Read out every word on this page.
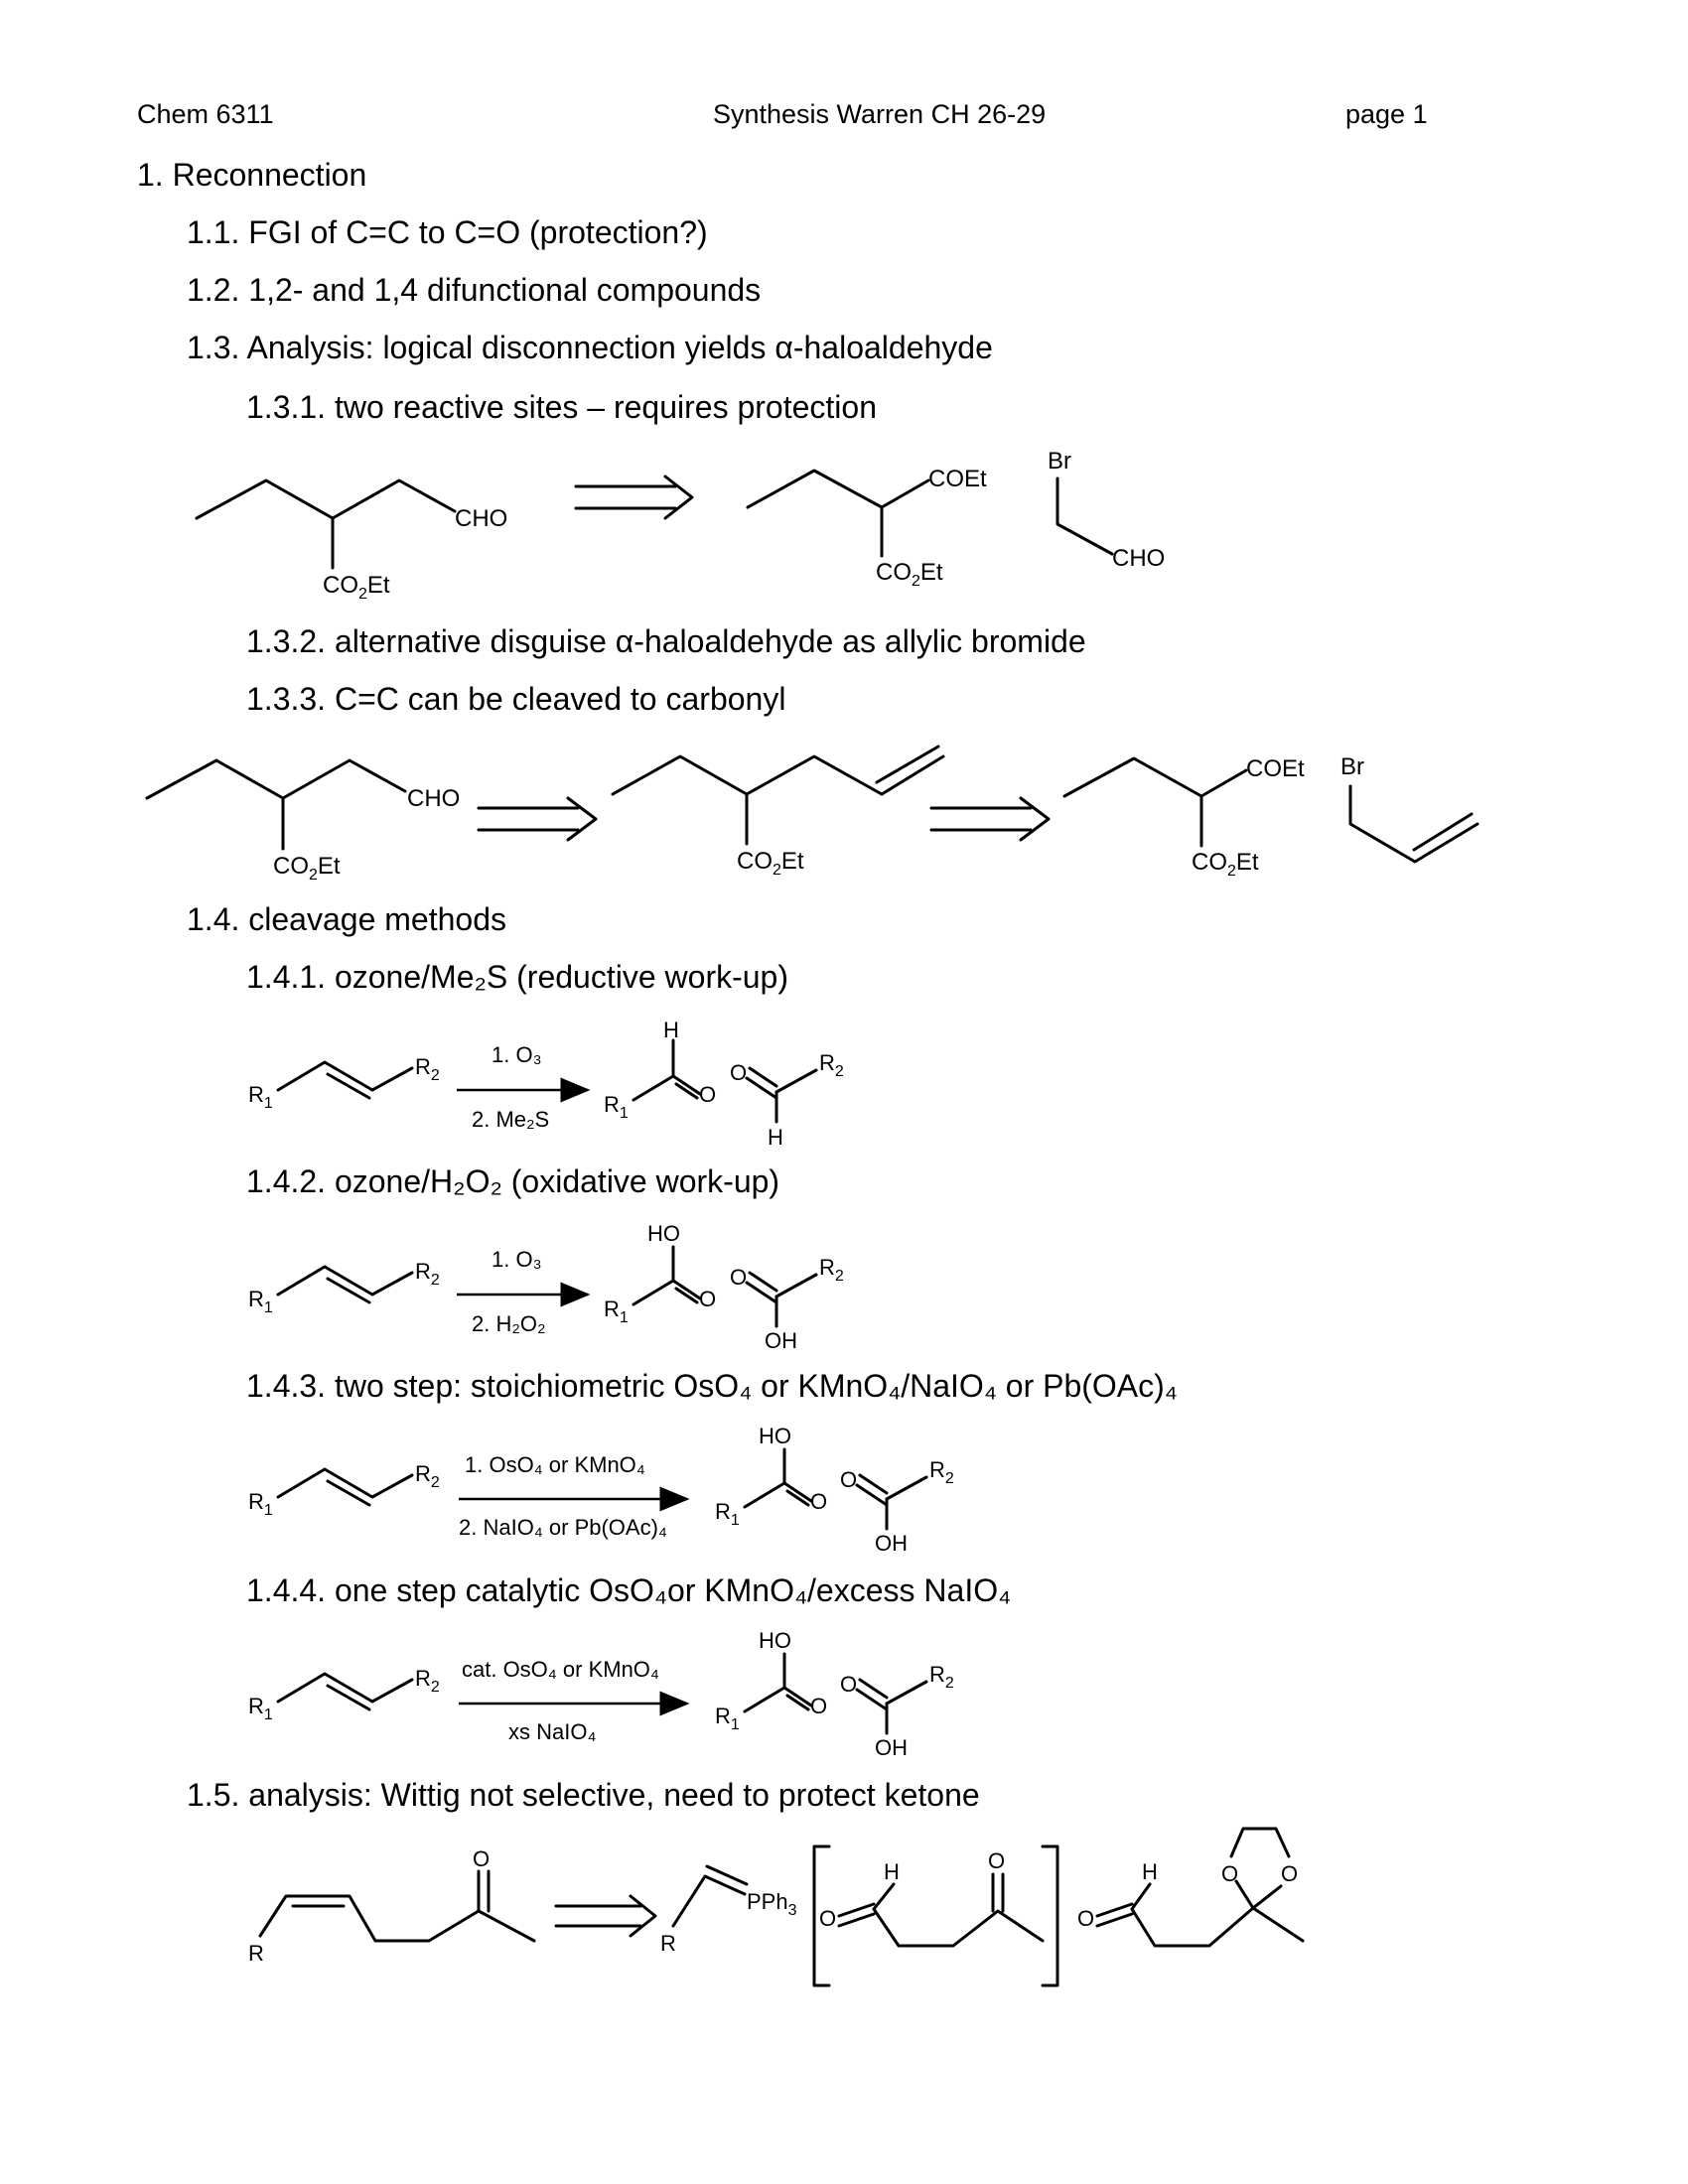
Chem 6311	Synthesis Warren CH 26-29	page 1
1. Reconnection
1.1. FGI of C=C to C=O (protection?)
1.2. 1,2- and 1,4 difunctional compounds
1.3. Analysis: logical disconnection yields α-haloaldehyde
1.3.1. two reactive sites – requires protection
1.3.2. alternative disguise α-haloaldehyde as allylic bromide
1.3.3. C=C can be cleaved to carbonyl
1.4. cleavage methods
1.4.1. ozone/Me₂S (reductive work-up)
1.4.2. ozone/H₂O₂ (oxidative work-up)
1.4.3. two step: stoichiometric OsO₄ or KMnO₄/NaIO₄ or Pb(OAc)₄
1.4.4. one step catalytic OsO₄or KMnO₄/excess NaIO₄
1.5. analysis: Wittig not selective, need to protect ketone
CHO
$CO_2Et$
COEt
$CO_2Et$
Br
CHO
CHO
$CO_2Et$	$CO_2Et$
COEt
$CO_2Et$
Br
$R_1$
$R_2$
1. O₃
2. Me₂S
$R_1$
H
O
O
H
$R_2$
$R_1$
$R_2$
1. O₃
2. H₂O₂
$R_1$
HO
O
O
OH
$R_2$
$R_1$
$R_2$
1. OsO₄ or KMnO₄
2. NaIO₄ or Pb(OAc)₄
$R_1$
HO
O
O
OH
$R_2$
$R_1$
$R_2$
cat. OsO₄ or KMnO₄
xs NaIO₄
$R_1$
HO
O
O
OH
$R_2$
R
O
R
PPh$_3$ O
H	O
O
H	O O
